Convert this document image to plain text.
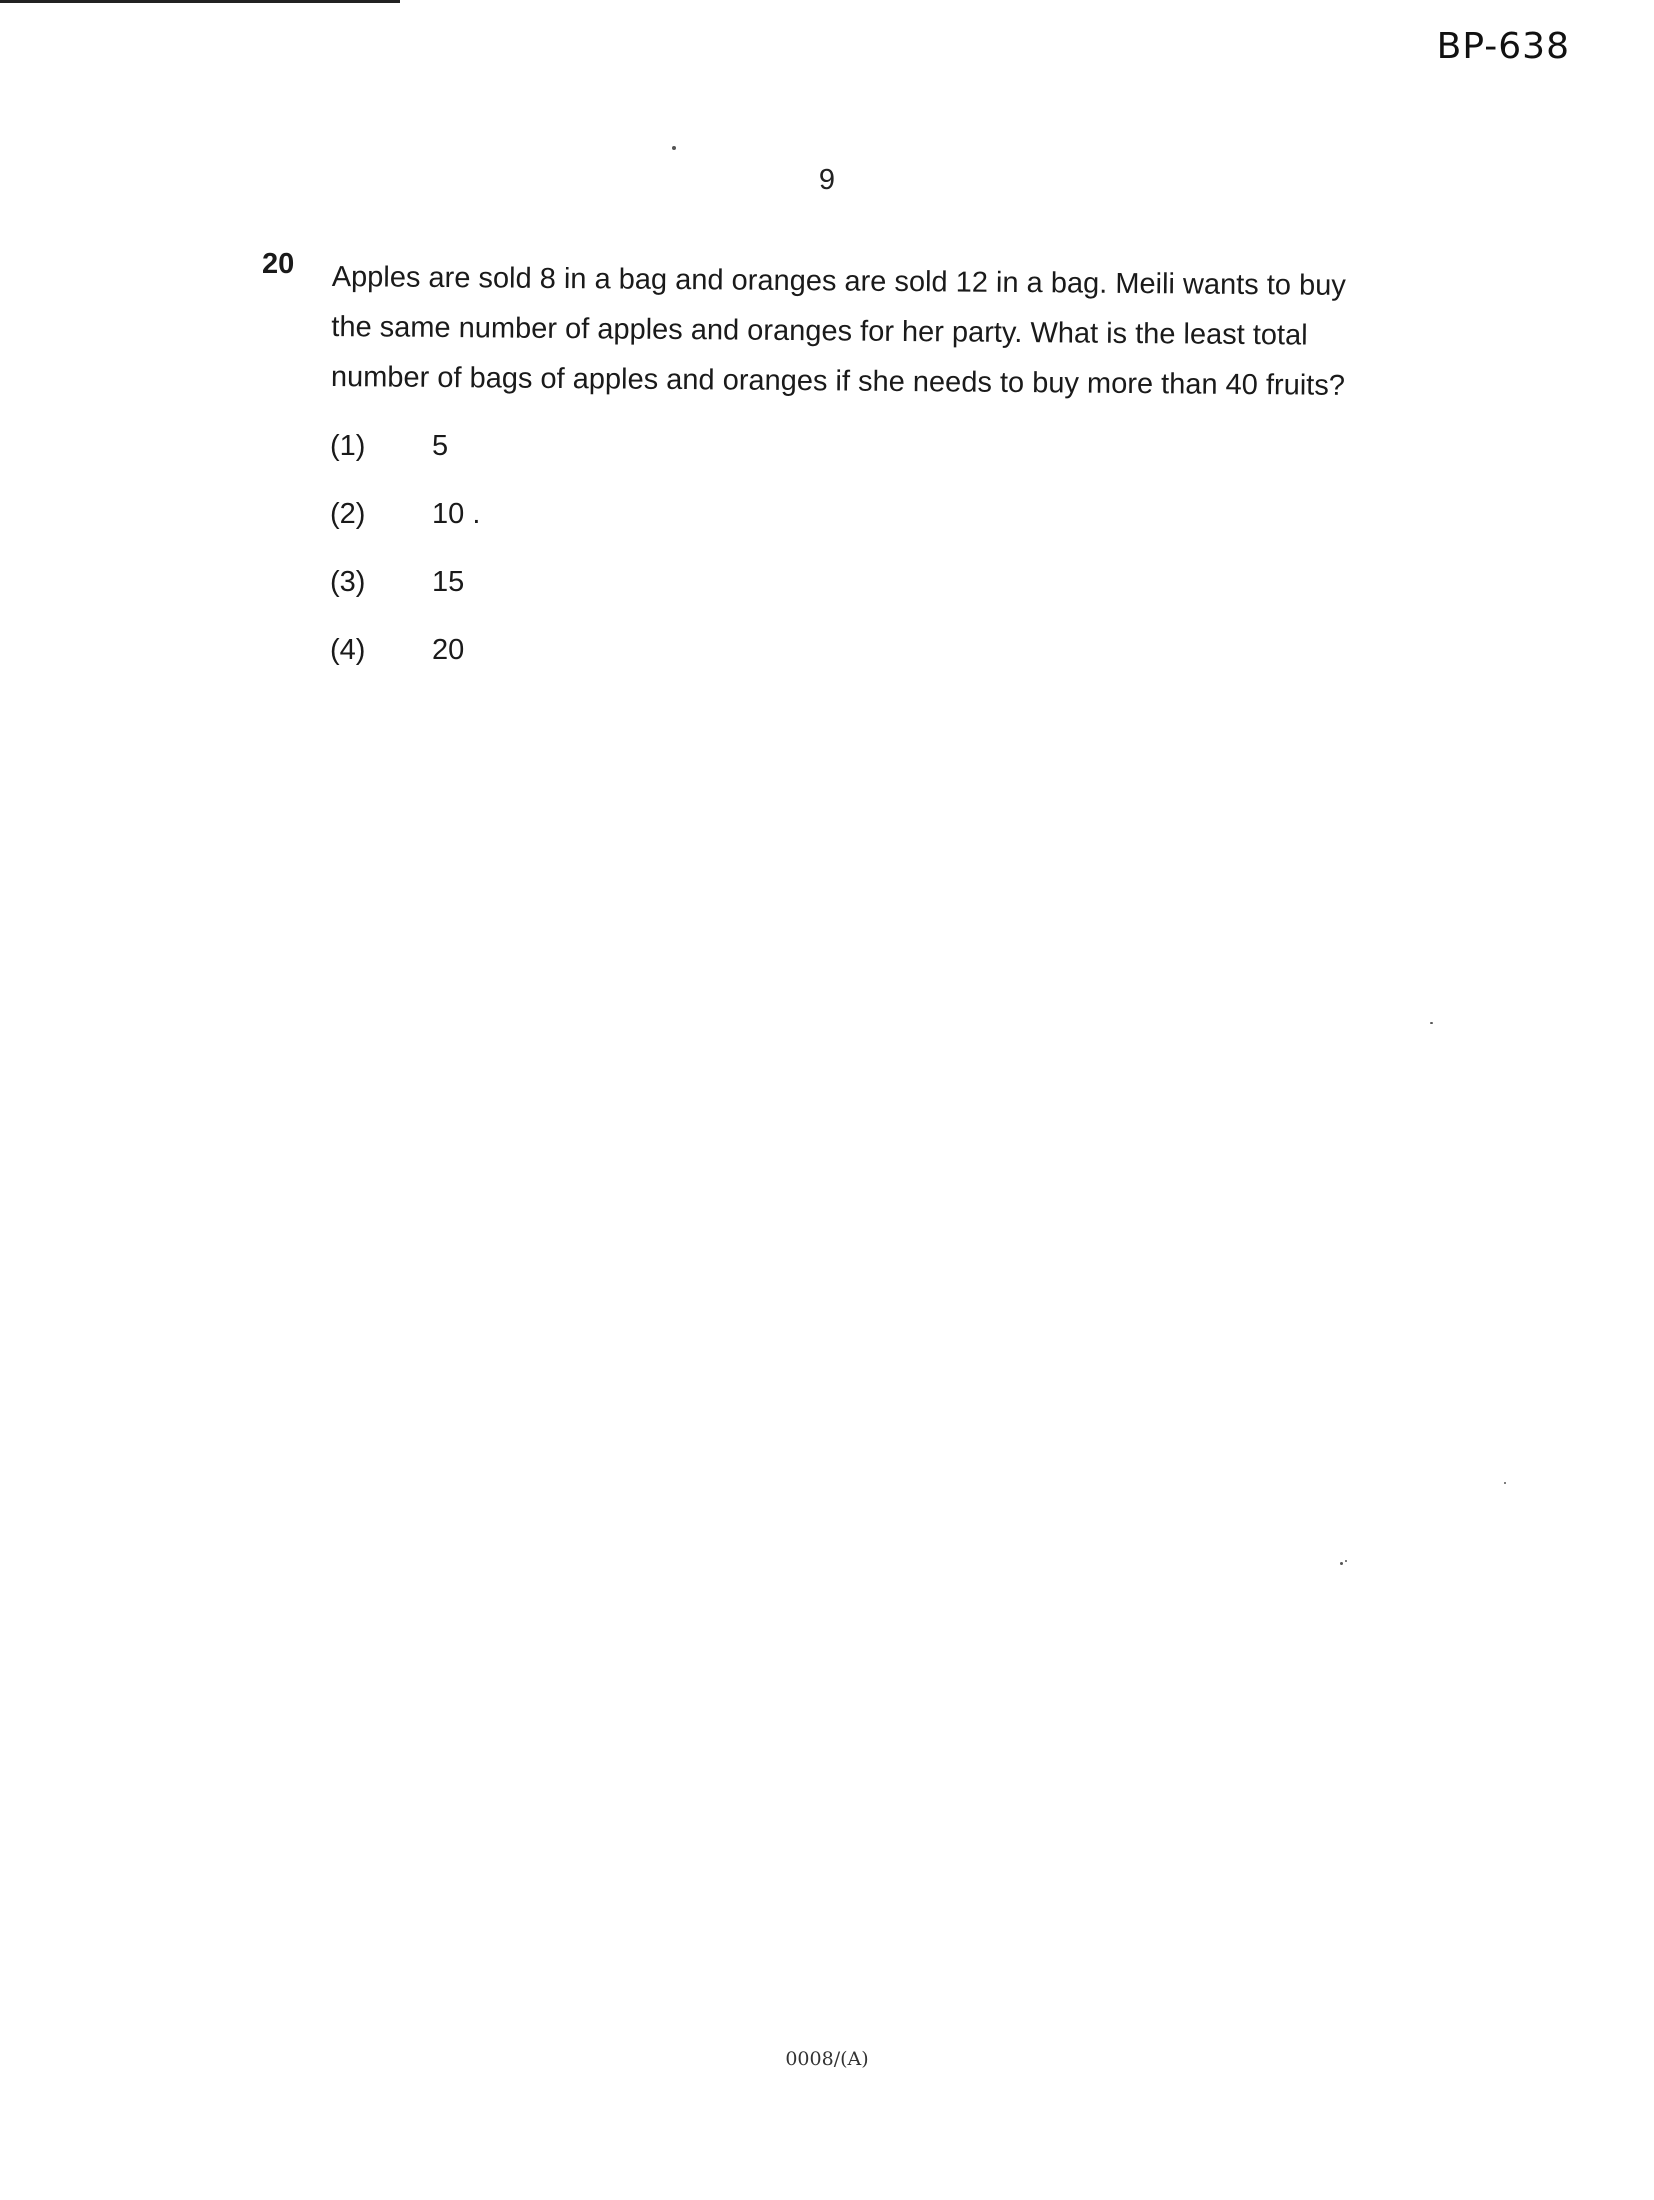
BP-638
9
20 Apples are sold 8 in a bag and oranges are sold 12 in a bag. Meili wants to buy the same number of apples and oranges for her party. What is the least total number of bags of apples and oranges if she needs to buy more than 40 fruits?
(1)	5
(2)	10 .
(3)	15
(4)	20
0008/(A)
